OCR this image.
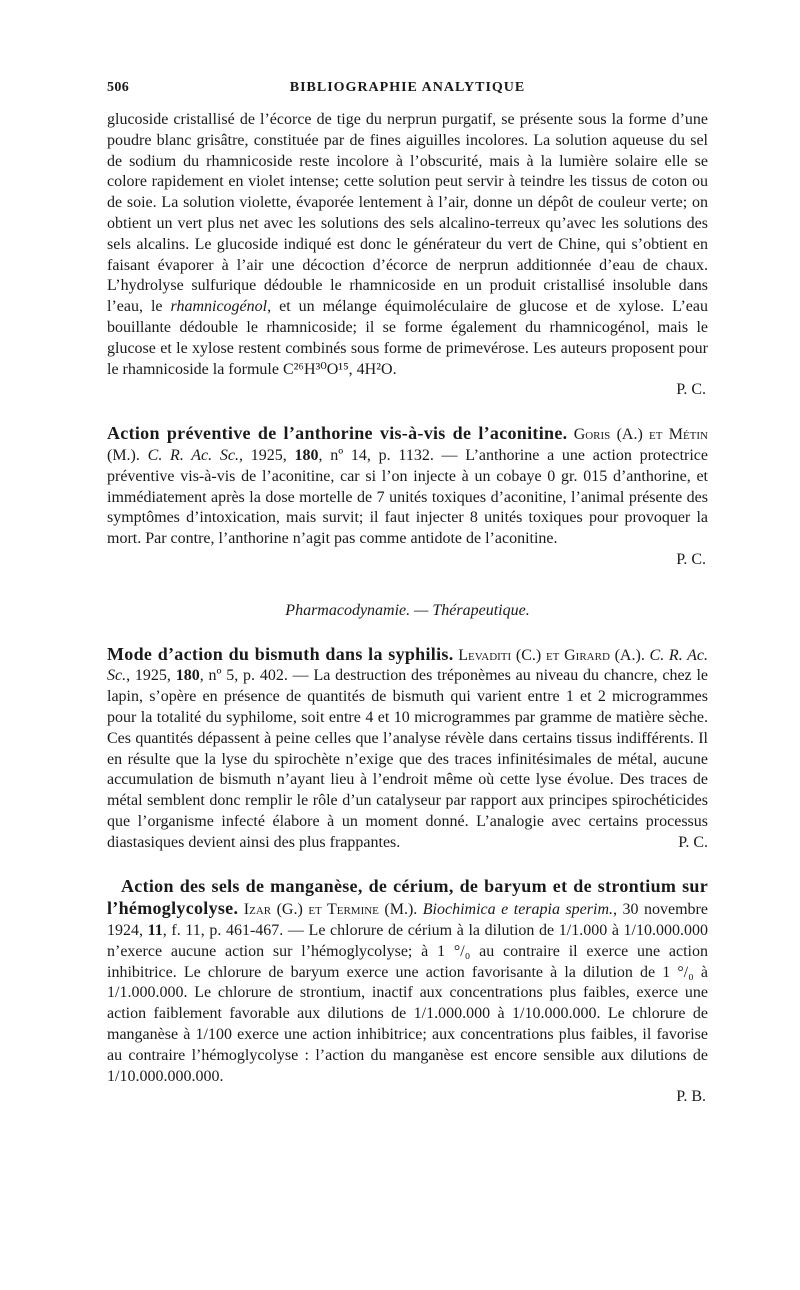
506	BIBLIOGRAPHIE ANALYTIQUE

glucoside cristallisé de l’écorce de tige du nerprun purgatif, se présente sous la forme d’une poudre blanc grisâtre, constituée par de fines aiguilles incolores. La solution aqueuse du sel de sodium du rhamnicoside reste incolore à l’obscurité, mais à la lumière solaire elle se colore rapidement en violet intense; cette solution peut servir à teindre les tissus de coton ou de soie. La solution violette, évaporée lentement à l’air, donne un dépôt de couleur verte; on obtient un vert plus net avec les solutions des sels alcalino-terreux qu’avec les solutions des sels alcalins. Le glucoside indiqué est donc le générateur du vert de Chine, qui s’obtient en faisant évaporer à l’air une décoction d’écorce de nerprun additionnée d’eau de chaux. L’hydrolyse sulfurique dédouble le rhamnicoside en un produit cristallisé insoluble dans l’eau, le rhamnicogénol, et un mélange équimoléculaire de glucose et de xylose. L’eau bouillante dédouble le rhamnicoside; il se forme également du rhamnicogénol, mais le glucose et le xylose restent combinés sous forme de primevérose. Les auteurs proposent pour le rhamnicoside la formule C²⁶H³⁰O¹⁵, 4H²O.

P. C.

Action préventive de l’anthorine vis-à-vis de l’aconitine. Goris (A.) et Métin (M.). C. R. Ac. Sc., 1925, 180, nº 14, p. 1132. — L’anthorine a une action protectrice préventive vis-à-vis de l’aconitine, car si l’on injecte à un cobaye 0 gr. 015 d’anthorine, et immédiatement après la dose mortelle de 7 unités toxiques d’aconitine, l’animal présente des symptômes d’intoxication, mais survit; il faut injecter 8 unités toxiques pour provoquer la mort. Par contre, l’anthorine n’agit pas comme antidote de l’aconitine.

P. C.

Pharmacodynamie. — Thérapeutique.

Mode d’action du bismuth dans la syphilis. Levaditi (C.) et Girard (A.). C. R. Ac. Sc., 1925, 180, nº 5, p. 402. — La destruction des tréponèmes au niveau du chancre, chez le lapin, s’opère en présence de quantités de bismuth qui varient entre 1 et 2 microgrammes pour la totalité du syphilome, soit entre 4 et 10 microgrammes par gramme de matière sèche. Ces quantités dépassent à peine celles que l’analyse révèle dans certains tissus indifférents. Il en résulte que la lyse du spirochète n’exige que des traces infinitésimales de métal, aucune accumulation de bismuth n’ayant lieu à l’endroit même où cette lyse évolue. Des traces de métal semblent donc remplir le rôle d’un catalyseur par rapport aux principes spirochéticides que l’organisme infecté élabore à un moment donné. L’analogie avec certains processus diastasiques devient ainsi des plus frappantes.	P. C.

Action des sels de manganèse, de cérium, de baryum et de strontium sur l’hémoglycolyse. Izar (G.) et Termine (M.). Biochimica e terapia sperim., 30 novembre 1924, 11, f. 11, p. 461-467. — Le chlorure de cérium à la dilution de 1/1.000 à 1/10.000.000 n’exerce aucune action sur l’hémoglycolyse; à 1 °/₀ au contraire il exerce une action inhibitrice. Le chlorure de baryum exerce une action favorisante à la dilution de 1 °/₀ à 1/1.000.000. Le chlorure de strontium, inactif aux concentrations plus faibles, exerce une action faiblement favorable aux dilutions de 1/1.000.000 à 1/10.000.000. Le chlorure de manganèse à 1/100 exerce une action inhibitrice; aux concentrations plus faibles, il favorise au contraire l’hémoglycolyse : l’action du manganèse est encore sensible aux dilutions de 1/10.000.000.000.

P. B.
